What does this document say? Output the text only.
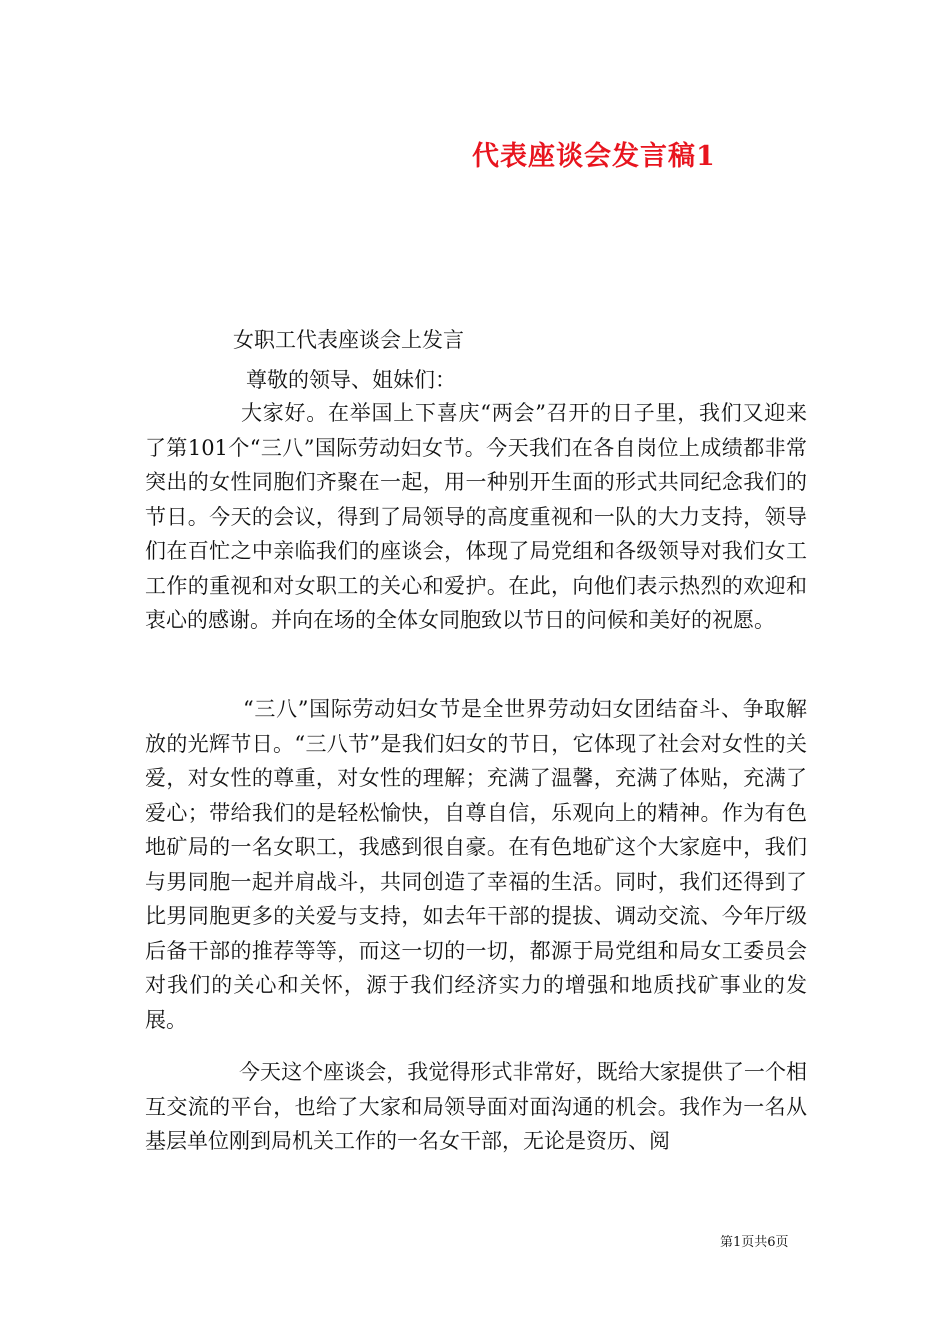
代表座谈会发言稿1
女职工代表座谈会上发言
尊敬的领导、姐妹们：

大家好。在举国上下喜庆“两会”召开的日子里，我们又迎来了第101个“三八”国际劳动妇女节。今天我们在各自岗位上成绩都非常突出的女性同胞们齐聚在一起，用一种别开生面的形式共同纪念我们的节日。今天的会议，得到了局领导的高度重视和一队的大力支持，领导们在百忙之中亲临我们的座谈会，体现了局党组和各级领导对我们女工工作的重视和对女职工的关心和爱护。在此，向他们表示热烈的欢迎和衷心的感谢。并向在场的全体女同胞致以节日的问候和美好的祝愿。

“三八”国际劳动妇女节是全世界劳动妇女团结奋斗、争取解放的光辉节日。“三八节”是我们妇女的节日，它体现了社会对女性的关爱，对女性的尊重，对女性的理解；充满了温馨，充满了体贴，充满了爱心；带给我们的是轻松愉快，自尊自信，乐观向上的精神。作为有色地矿局的一名女职工，我感到很自豪。在有色地矿这个大家庭中，我们与男同胞一起并肩战斗，共同创造了幸福的生活。同时，我们还得到了比男同胞更多的关爱与支持，如去年干部的提拔、调动交流、今年厅级后备干部的推荐等等，而这一切的一切，都源于局党组和局女工委员会对我们的关心和关怀，源于我们经济实力的增强和地质找矿事业的发展。

今天这个座谈会，我觉得形式非常好，既给大家提供了一个相互交流的平台，也给了大家和局领导面对面沟通的机会。我作为一名从基层单位刚到局机关工作的一名女干部，无论是资历、阅

第1页共6页
